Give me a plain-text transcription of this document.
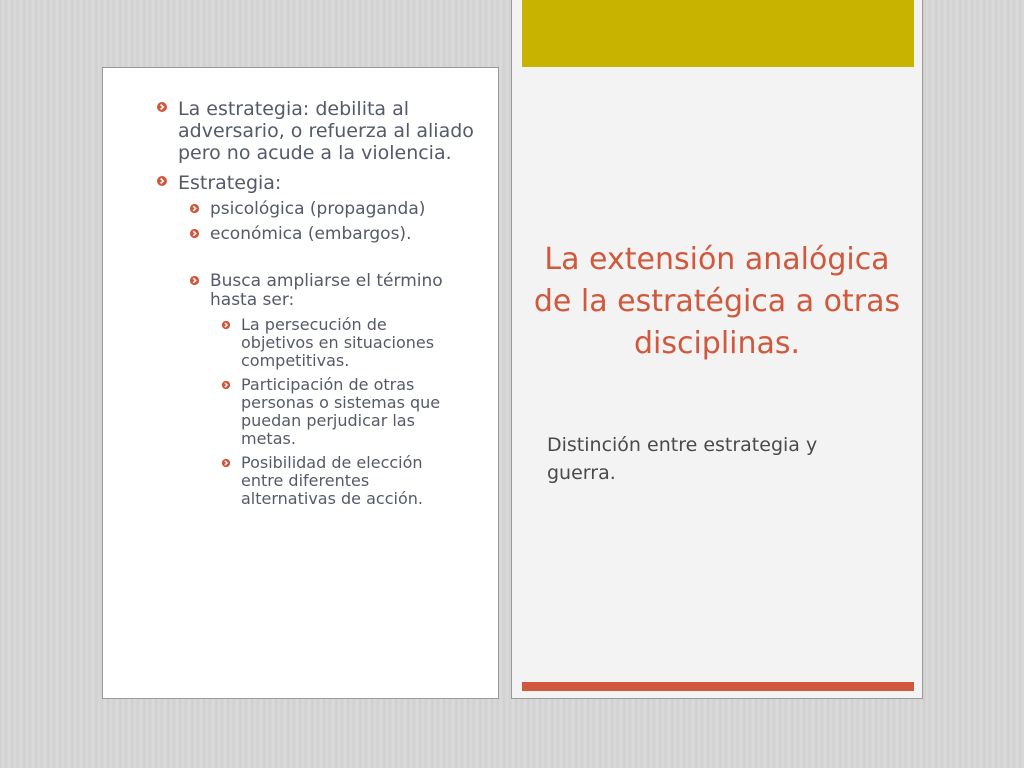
La estrategia: debilita al adversario, o refuerza al aliado pero no acude a la violencia.
Estrategia:
psicológica (propaganda)
económica (embargos).
Busca ampliarse el término hasta ser:
La persecución de objetivos en situaciones competitivas.
Participación de otras personas o sistemas que puedan perjudicar las metas.
Posibilidad de elección entre diferentes alternativas de acción.
La extensión analógica de la estratégica a otras disciplinas.
Distinción entre estrategia y guerra.
